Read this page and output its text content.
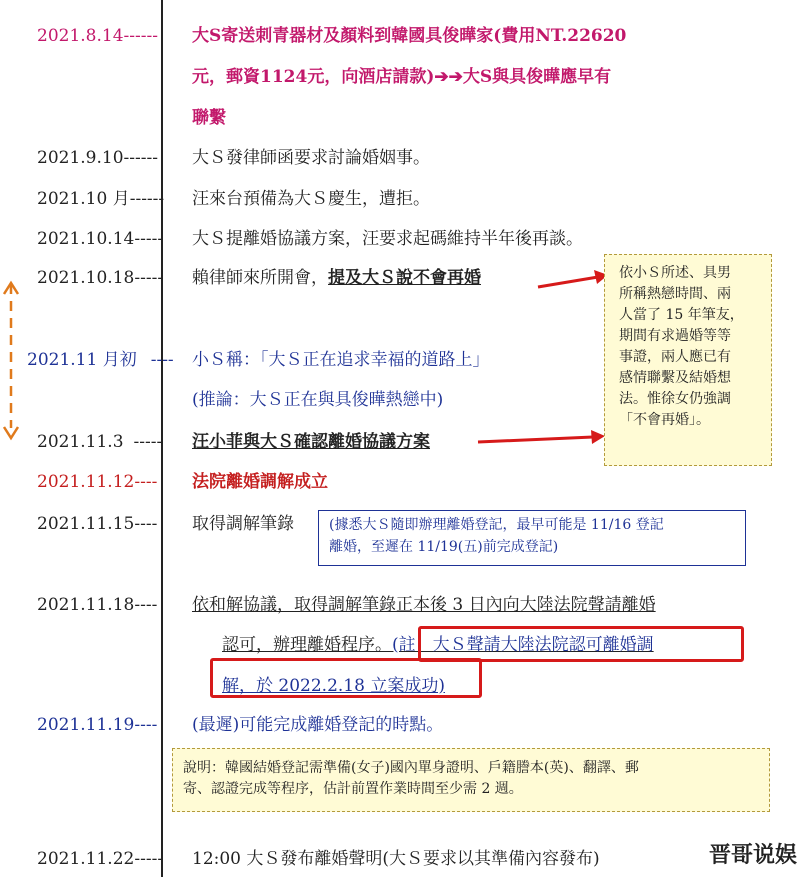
2021.8.14------ 大S寄送刺青器材及顏料到韓國具俊曄家(費用NT.22620
元，郵資1124元，向酒店請款)➔➔大S與具俊曄應早有
聯繫
2021.9.10------ 大Ｓ發律師函要求討論婚姻事。
2021.10 月------ 汪來台預備為大Ｓ慶生，遭拒。
2021.10.14----- 大Ｓ提離婚協議方案，汪要求起碼維持半年後再談。
2021.10.18----- 賴律師來所開會，提及大Ｓ說不會再婚
2021.11 月初 ---- 小Ｓ稱：「大Ｓ正在追求幸福的道路上」
(推論：大Ｓ正在與具俊曄熱戀中)
2021.11.3 ----- 汪小菲與大Ｓ確認離婚協議方案
2021.11.12---- 法院離婚調解成立
2021.11.15---- 取得調解筆錄	(據悉大Ｓ隨即辦理離婚登記，最早可能是 11/16 登記
離婚，至遲在 11/19(五)前完成登記)
2021.11.18---- 依和解協議，取得調解筆錄正本後 3 日內向大陸法院聲請離婚
認可，辦理離婚程序。(註：大Ｓ聲請大陸法院認可離婚調
解，於 2022.2.18 立案成功)
2021.11.19---- (最遲)可能完成離婚登記的時點。
說明：韓國結婚登記需準備(女子)國內單身證明、戶籍謄本(英)、翻譯、郵
寄、認證完成等程序，估計前置作業時間至少需 2 週。
2021.11.22----- 12:00 大Ｓ發布離婚聲明(大Ｓ要求以其準備內容發布)
依小Ｓ所述、具男
所稱熱戀時間、兩
人當了 15 年筆友，
期間有求過婚等等
事證，兩人應已有
感情聯繫及結婚想
法。惟徐女仍強調
「不會再婚」。
晋哥说娱
